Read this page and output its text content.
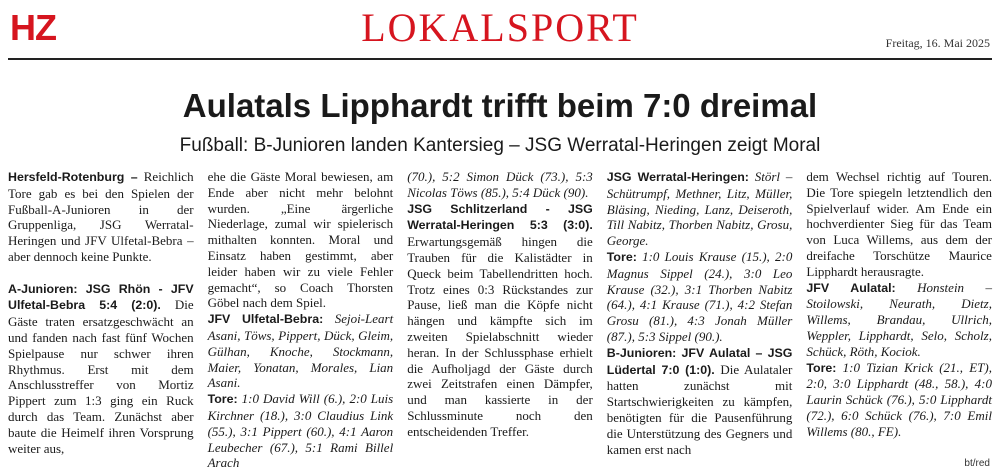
HZ	LOKALSPORT	Freitag, 16. Mai 2025
Aulatals Lipphardt trifft beim 7:0 dreimal
Fußball: B-Junioren landen Kantersieg – JSG Werratal-Heringen zeigt Moral

Hersfeld-Rotenburg – Reichlich Tore gab es bei den Spielen der Fußball-A-Junioren in der Gruppenliga, JSG Werratal-Heringen und JFV Ulfetal-Bebra – aber dennoch keine Punkte.

A-Junioren: JSG Rhön - JFV Ulfetal-Bebra 5:4 (2:0). Die Gäste traten ersatzgeschwächt an und fanden nach fast fünf Wochen Spielpause nur schwer ihren Rhythmus. Erst mit dem Anschlusstreffer von Mortiz Pippert zum 1:3 ging ein Ruck durch das Team. Zunächst aber baute die Heimelf ihren Vorsprung weiter aus,

ehe die Gäste Moral bewiesen, am Ende aber nicht mehr belohnt wurden. „Eine ärgerliche Niederlage, zumal wir spielerisch mithalten konnten. Moral und Einsatz haben gestimmt, aber leider haben wir zu viele Fehler gemacht“, so Coach Thorsten Göbel nach dem Spiel.

JFV Ulfetal-Bebra: Sejoi-Leart Asani, Töws, Pippert, Dück, Gleim, Gülhan, Knoche, Stockmann, Maier, Yonatan, Morales, Lian Asani.

Tore: 1:0 David Will (6.), 2:0 Luis Kirchner (18.), 3:0 Claudius Link (55.), 3:1 Pippert (60.), 4:1 Aaron Leubecher (67.), 5:1 Rami Billel Arach

(70.), 5:2 Simon Dück (73.), 5:3 Nicolas Töws (85.), 5:4 Dück (90).

JSG Schlitzerland - JSG Werratal-Heringen 5:3 (3:0). Erwartungsgemäß hingen die Trauben für die Kalistädter in Queck beim Tabellendritten hoch. Trotz eines 0:3 Rückstandes zur Pause, ließ man die Köpfe nicht hängen und kämpfte sich im zweiten Spielabschnitt wieder heran. In der Schlussphase erhielt die Aufholjagd der Gäste durch zwei Zeitstrafen einen Dämpfer, und man kassierte in der Schlussminute noch den entscheidenden Treffer.

JSG Werratal-Heringen: Störl – Schütrumpf, Methner, Litz, Müller, Bläsing, Nieding, Lanz, Deiseroth, Till Nabitz, Thorben Nabitz, Grosu, George.

Tore: 1:0 Louis Krause (15.), 2:0 Magnus Sippel (24.), 3:0 Leo Krause (32.), 3:1 Thorben Nabitz (64.), 4:1 Krause (71.), 4:2 Stefan Grosu (81.), 4:3 Jonah Müller (87.), 5:3 Sippel (90.).

B-Junioren: JFV Aulatal – JSG Lüdertal 7:0 (1:0). Die Aulataler hatten zunächst mit Startschwierigkeiten zu kämpfen, benötigten für die Pausenführung die Unterstützung des Gegners und kamen erst nach

dem Wechsel richtig auf Touren. Die Tore spiegeln letztendlich den Spielverlauf wider. Am Ende ein hochverdienter Sieg für das Team von Luca Willems, aus dem der dreifache Torschütze Maurice Lipphardt herausragte.

JFV Aulatal: Honstein – Stoilowski, Neurath, Dietz, Willems, Brandau, Ullrich, Weppler, Lipphardt, Selo, Scholz, Schück, Röth, Kociok.

Tore: 1:0 Tizian Krick (21., ET), 2:0, 3:0 Lipphardt (48., 58.), 4:0 Laurin Schück (76.), 5:0 Lipphardt (72.), 6:0 Schück (76.), 7:0 Emil Willems (80., FE).

bt/red
